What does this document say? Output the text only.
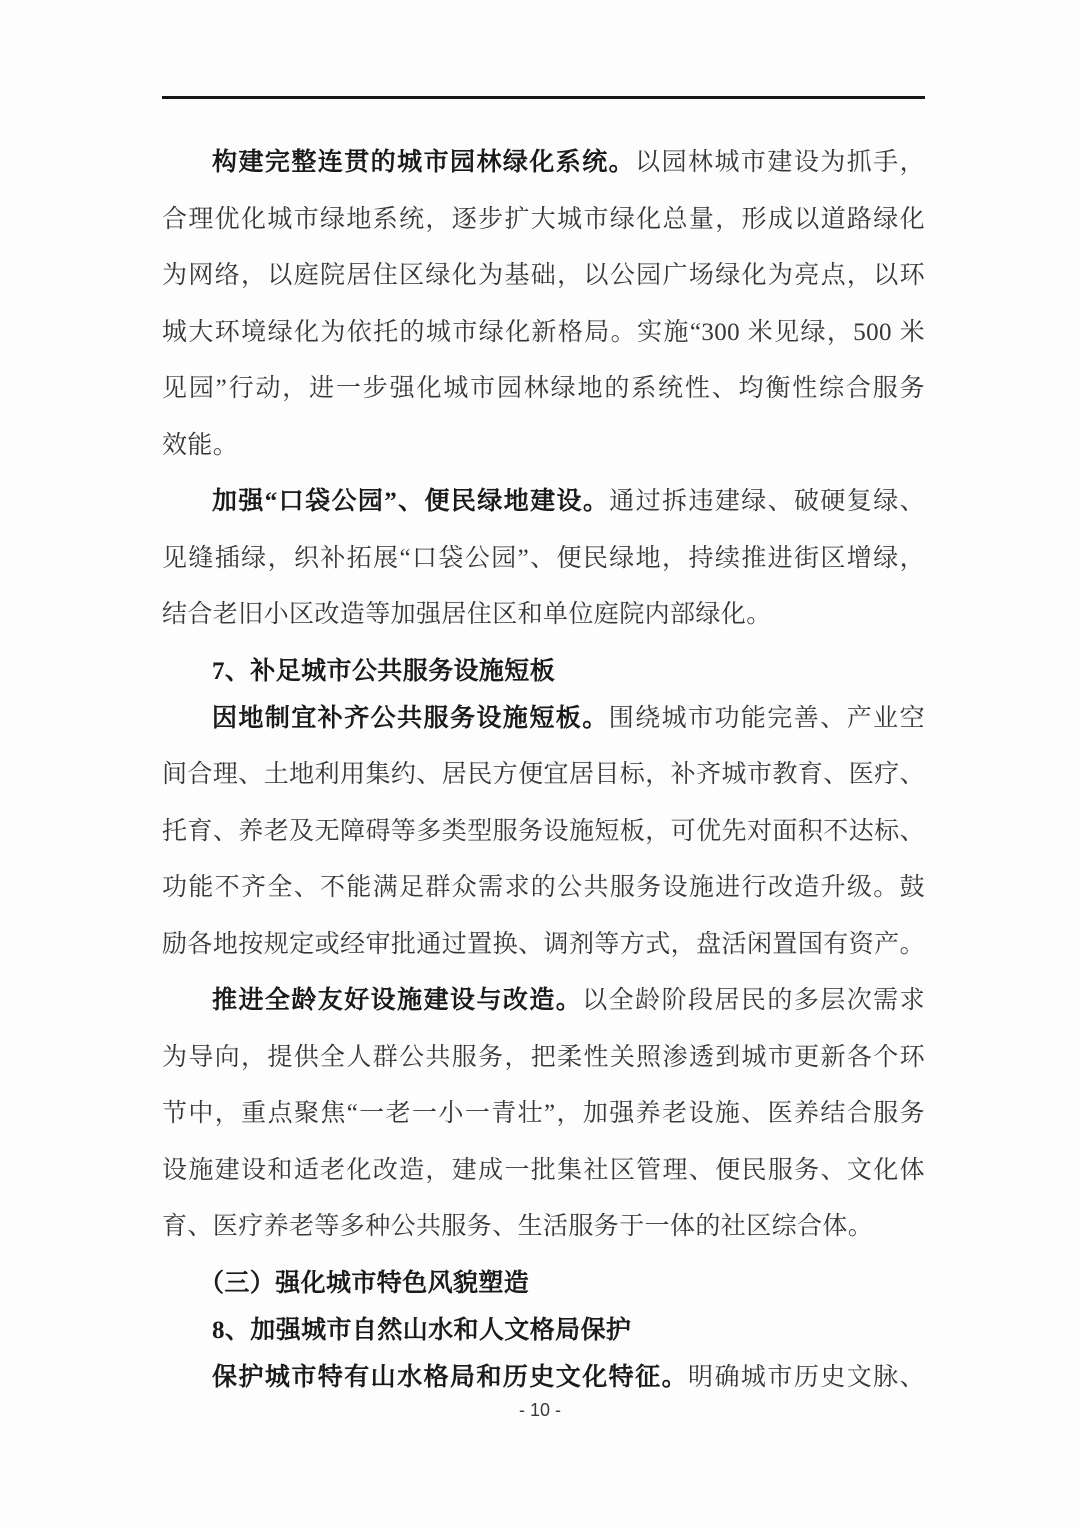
构建完整连贯的城市园林绿化系统。以园林城市建设为抓手，
合理优化城市绿地系统，逐步扩大城市绿化总量，形成以道路绿化
为网络，以庭院居住区绿化为基础，以公园广场绿化为亮点，以环
城大环境绿化为依托的城市绿化新格局。实施“300 米见绿，500 米
见园”行动，进一步强化城市园林绿地的系统性、均衡性综合服务
效能。
加强“口袋公园”、便民绿地建设。通过拆违建绿、破硬复绿、
见缝插绿，织补拓展“口袋公园”、便民绿地，持续推进街区增绿，
结合老旧小区改造等加强居住区和单位庭院内部绿化。
7、补足城市公共服务设施短板
因地制宜补齐公共服务设施短板。围绕城市功能完善、产业空
间合理、土地利用集约、居民方便宜居目标，补齐城市教育、医疗、
托育、养老及无障碍等多类型服务设施短板，可优先对面积不达标、
功能不齐全、不能满足群众需求的公共服务设施进行改造升级。鼓
励各地按规定或经审批通过置换、调剂等方式，盘活闲置国有资产。
推进全龄友好设施建设与改造。以全龄阶段居民的多层次需求
为导向，提供全人群公共服务，把柔性关照渗透到城市更新各个环
节中，重点聚焦“一老一小一青壮”，加强养老设施、医养结合服务
设施建设和适老化改造，建成一批集社区管理、便民服务、文化体
育、医疗养老等多种公共服务、生活服务于一体的社区综合体。
（三）强化城市特色风貌塑造
8、加强城市自然山水和人文格局保护
保护城市特有山水格局和历史文化特征。明确城市历史文脉、
- 10 -
